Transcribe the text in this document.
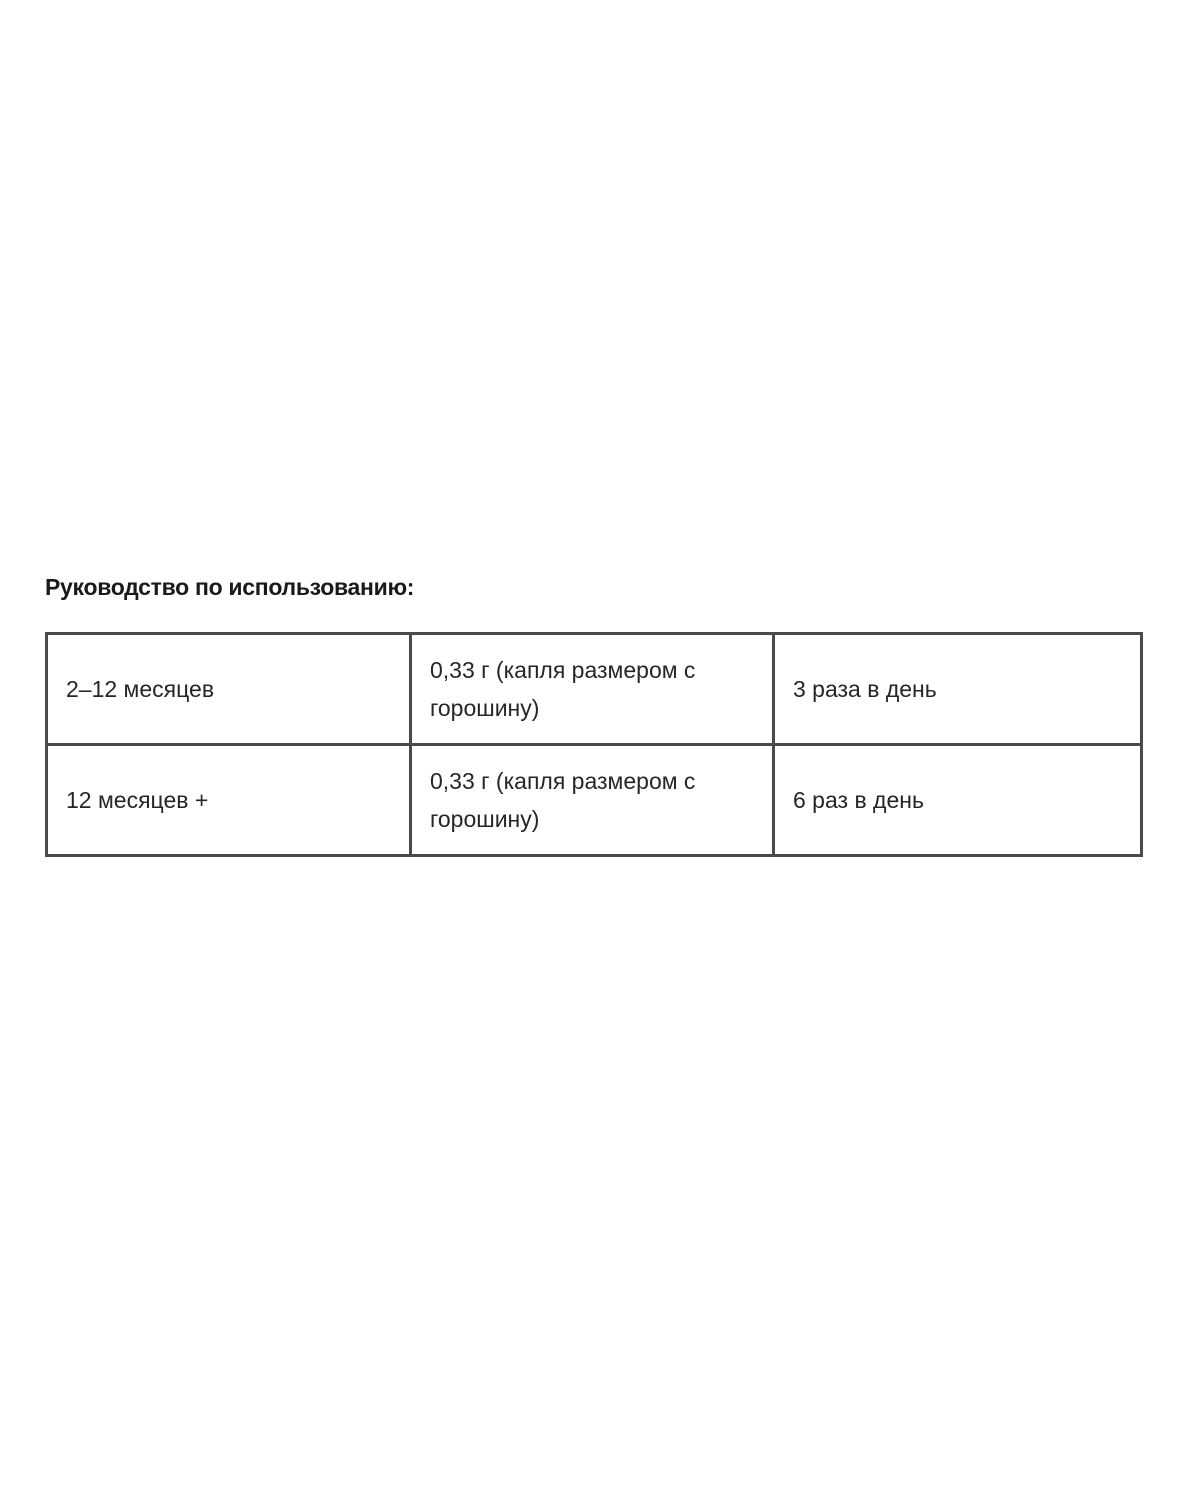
Руководство по использованию:
2–12 месяцев	0,33 г (капля размером с горошину)	3 раза в день
12 месяцев +	0,33 г (капля размером с горошину)	6 раз в день
